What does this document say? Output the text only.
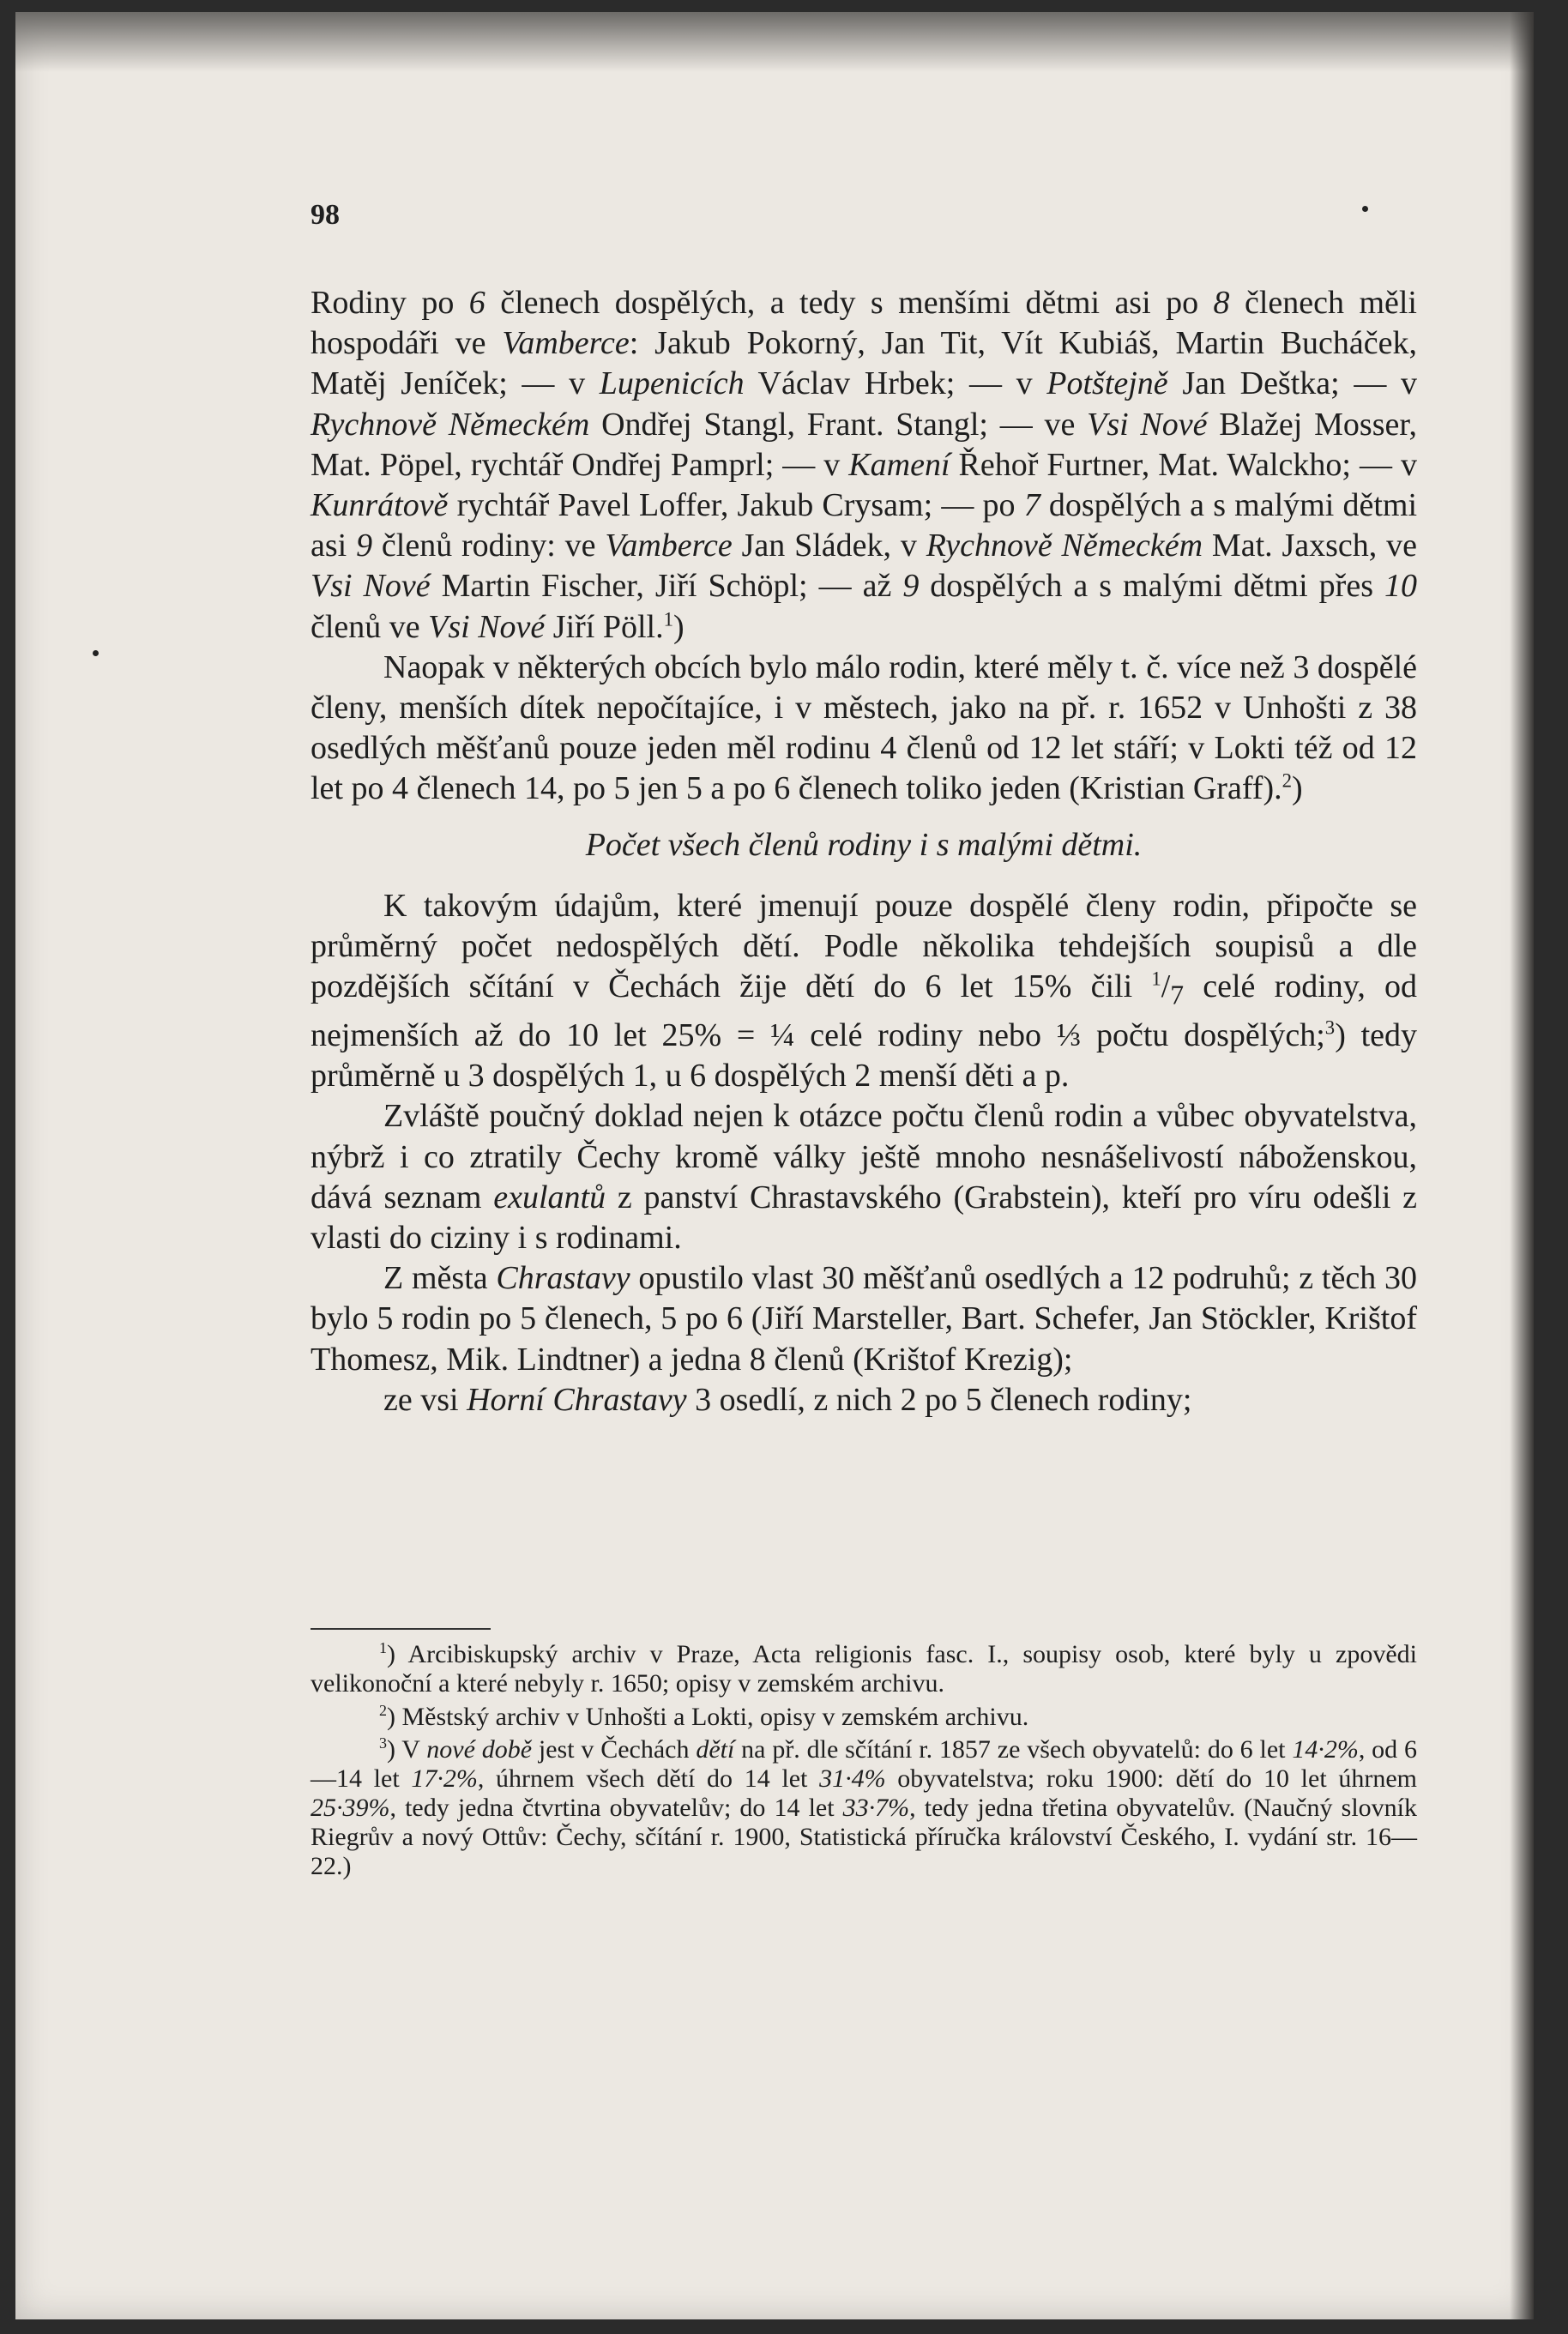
98

Rodiny po 6 členech dospělých, a tedy s menšími dětmi asi po 8 členech měli hospodáři ve Vamberce: Jakub Pokorný, Jan Tit, Vít Kubiáš, Martin Bucháček, Matěj Jeníček; — v Lupenicích Václav Hrbek; — v Potštejně Jan Deštka; — v Rychnově Německém Ondřej Stangl, Frant. Stangl; — ve Vsi Nové Blažej Mosser, Mat. Pöpel, rychtář Ondřej Pamprl; — v Kamení Řehoř Furtner, Mat. Walckho; — v Kunrátově rychtář Pavel Loffer, Jakub Crysam; — po 7 dospělých a s malými dětmi asi 9 členů rodiny: ve Vamberce Jan Sládek, v Rychnově Německém Mat. Jaxsch, ve Vsi Nové Martin Fischer, Jiří Schöpl; — až 9 dospělých a s malými dětmi přes 10 členů ve Vsi Nové Jiří Pöll.$^1$)

Naopak v některých obcích bylo málo rodin, které měly t. č. více než 3 dospělé členy, menších dítek nepočítajíce, i v městech, jako na př. r. 1652 v Unhošti z 38 osedlých měšťanů pouze jeden měl rodinu 4 členů od 12 let stáří; v Lokti též od 12 let po 4 členech 14, po 5 jen 5 a po 6 členech toliko jeden (Kristian Graff).$^2$)

Počet všech členů rodiny i s malými dětmi.

K takovým údajům, které jmenují pouze dospělé členy rodin, připočte se průměrný počet nedospělých dětí. Podle několika tehdejších soupisů a dle pozdějších sčítání v Čechách žije dětí do 6 let 15% čili $^1/_7$ celé rodiny, od nejmenších až do 10 let 25% = ¼ celé rodiny nebo ⅓ počtu dospělých;$^3$) tedy průměrně u 3 dospělých 1, u 6 dospělých 2 menší děti a p.

Zvláště poučný doklad nejen k otázce počtu členů rodin a vůbec obyvatelstva, nýbrž i co ztratily Čechy kromě války ještě mnoho nesnášelivostí náboženskou, dává seznam exulantů z panství Chrastavského (Grabstein), kteří pro víru odešli z vlasti do ciziny i s rodinami.

Z města Chrastavy opustilo vlast 30 měšťanů osedlých a 12 podruhů; z těch 30 bylo 5 rodin po 5 členech, 5 po 6 (Jiří Marsteller, Bart. Schefer, Jan Stöckler, Krištof Thomesz, Mik. Lindtner) a jedna 8 členů (Krištof Krezig);

ze vsi Horní Chrastavy 3 osedlí, z nich 2 po 5 členech rodiny;

$^1$) Arcibiskupský archiv v Praze, Acta religionis fasc. I., soupisy osob, které byly u zpovědi velikonoční a které nebyly r. 1650; opisy v zemském archivu.

$^2$) Městský archiv v Unhošti a Lokti, opisy v zemském archivu.

$^3$) V nové době jest v Čechách dětí na př. dle sčítání r. 1857 ze všech obyvatelů: do 6 let 14·2%, od 6—14 let 17·2%, úhrnem všech dětí do 14 let 31·4% obyvatelstva; roku 1900: dětí do 10 let úhrnem 25·39%, tedy jedna čtvrtina obyvatelův; do 14 let 33·7%, tedy jedna třetina obyvatelův. (Naučný slovník Riegrův a nový Ottův: Čechy, sčítání r. 1900, Statistická příručka království Českého, I. vydání str. 16—22.)
